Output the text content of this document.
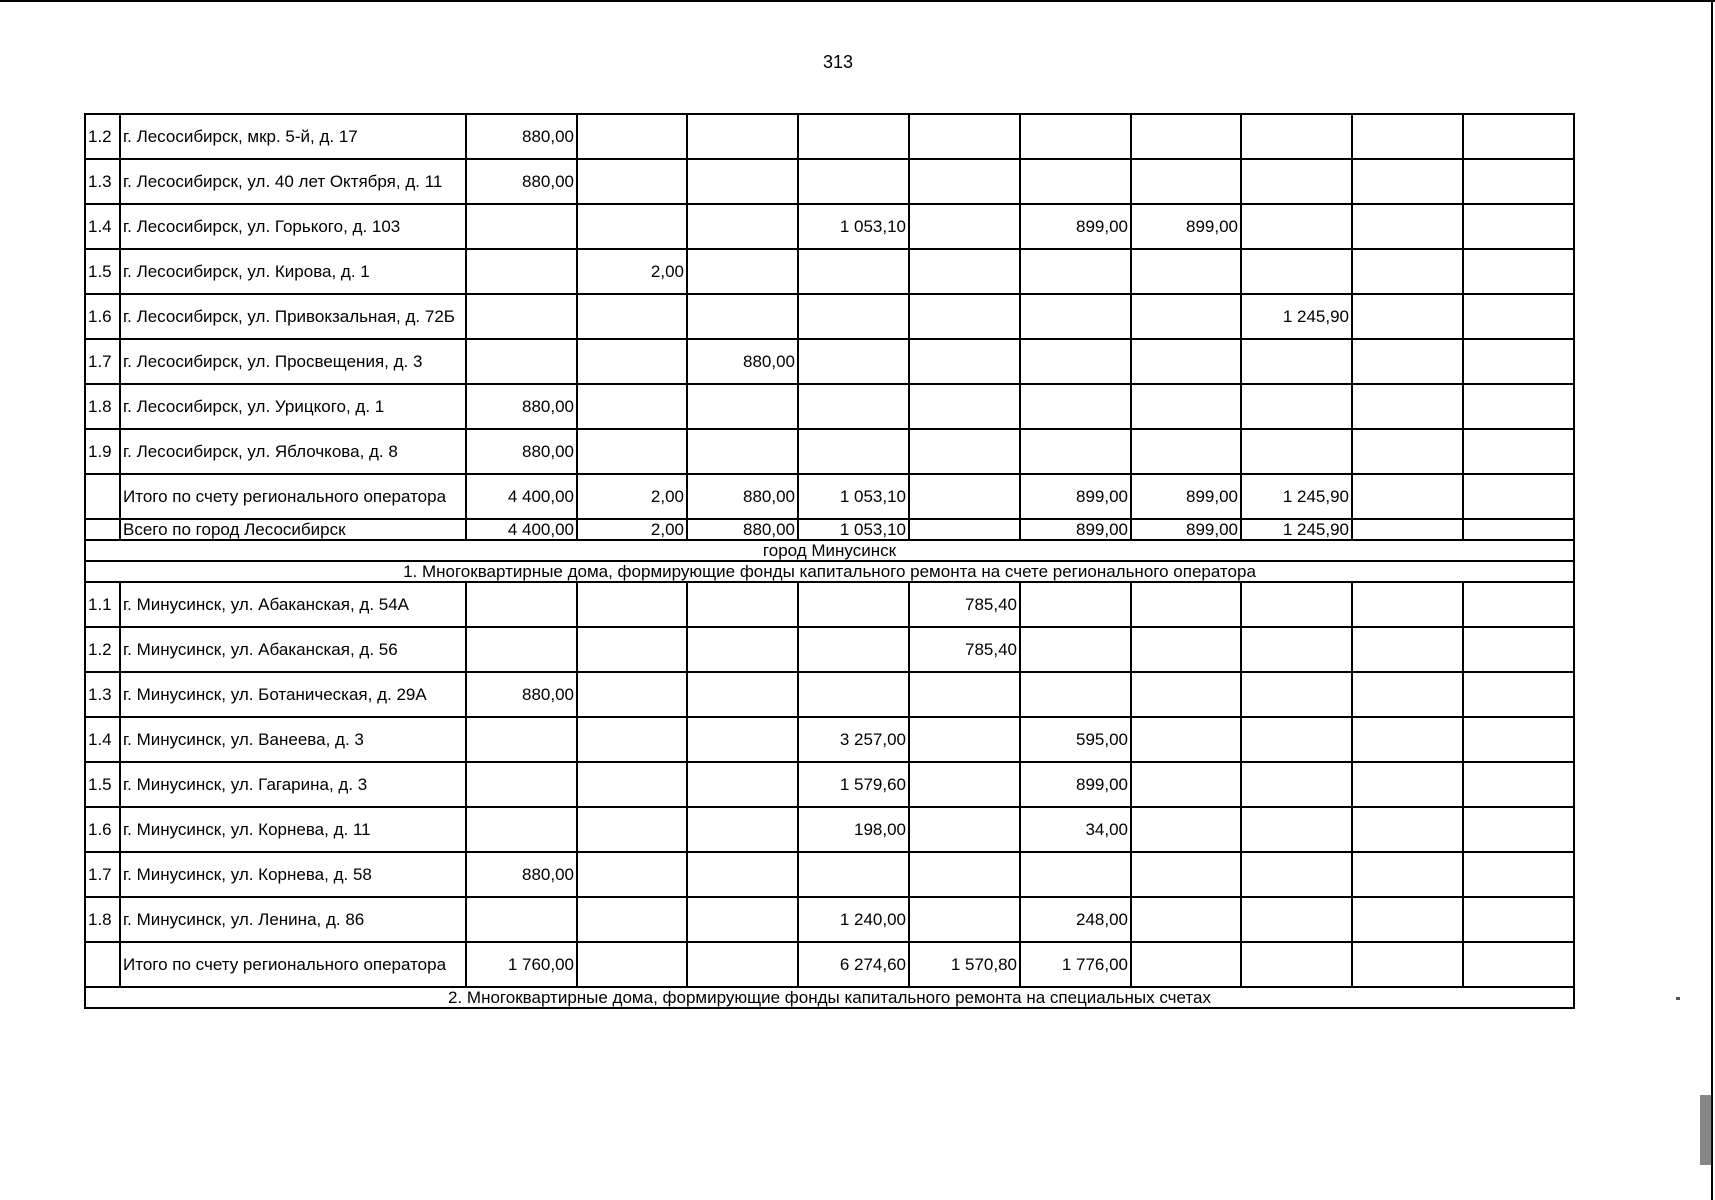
313
1.2	г. Лесосибирск, мкр. 5-й, д. 17	880,00									
1.3	г. Лесосибирск, ул. 40 лет Октября, д. 11	880,00									
1.4	г. Лесосибирск, ул. Горького, д. 103				1 053,10		899,00	899,00			
1.5	г. Лесосибирск, ул. Кирова, д. 1		2,00								
1.6	г. Лесосибирск, ул. Привокзальная, д. 72Б								1 245,90		
1.7	г. Лесосибирск, ул. Просвещения, д. 3			880,00							
1.8	г. Лесосибирск, ул. Урицкого, д. 1	880,00									
1.9	г. Лесосибирск, ул. Яблочкова, д. 8	880,00									
	Итого по счету регионального оператора	4 400,00	2,00	880,00	1 053,10		899,00	899,00	1 245,90		
	Всего по город Лесосибирск	4 400,00	2,00	880,00	1 053,10		899,00	899,00	1 245,90		
город Минусинск											
1. Многоквартирные дома, формирующие фонды капитального ремонта на счете регионального оператора											
1.1	г. Минусинск, ул. Абаканская, д. 54А					785,40					
1.2	г. Минусинск, ул. Абаканская, д. 56					785,40					
1.3	г. Минусинск, ул. Ботаническая, д. 29А	880,00									
1.4	г. Минусинск, ул. Ванеева, д. 3				3 257,00		595,00				
1.5	г. Минусинск, ул. Гагарина, д. 3				1 579,60		899,00				
1.6	г. Минусинск, ул. Корнева, д. 11				198,00		34,00				
1.7	г. Минусинск, ул. Корнева, д. 58	880,00									
1.8	г. Минусинск, ул. Ленина, д. 86				1 240,00		248,00				
	Итого по счету регионального оператора	1 760,00			6 274,60	1 570,80	1 776,00				
2. Многоквартирные дома, формирующие фонды капитального ремонта на специальных счетах											
